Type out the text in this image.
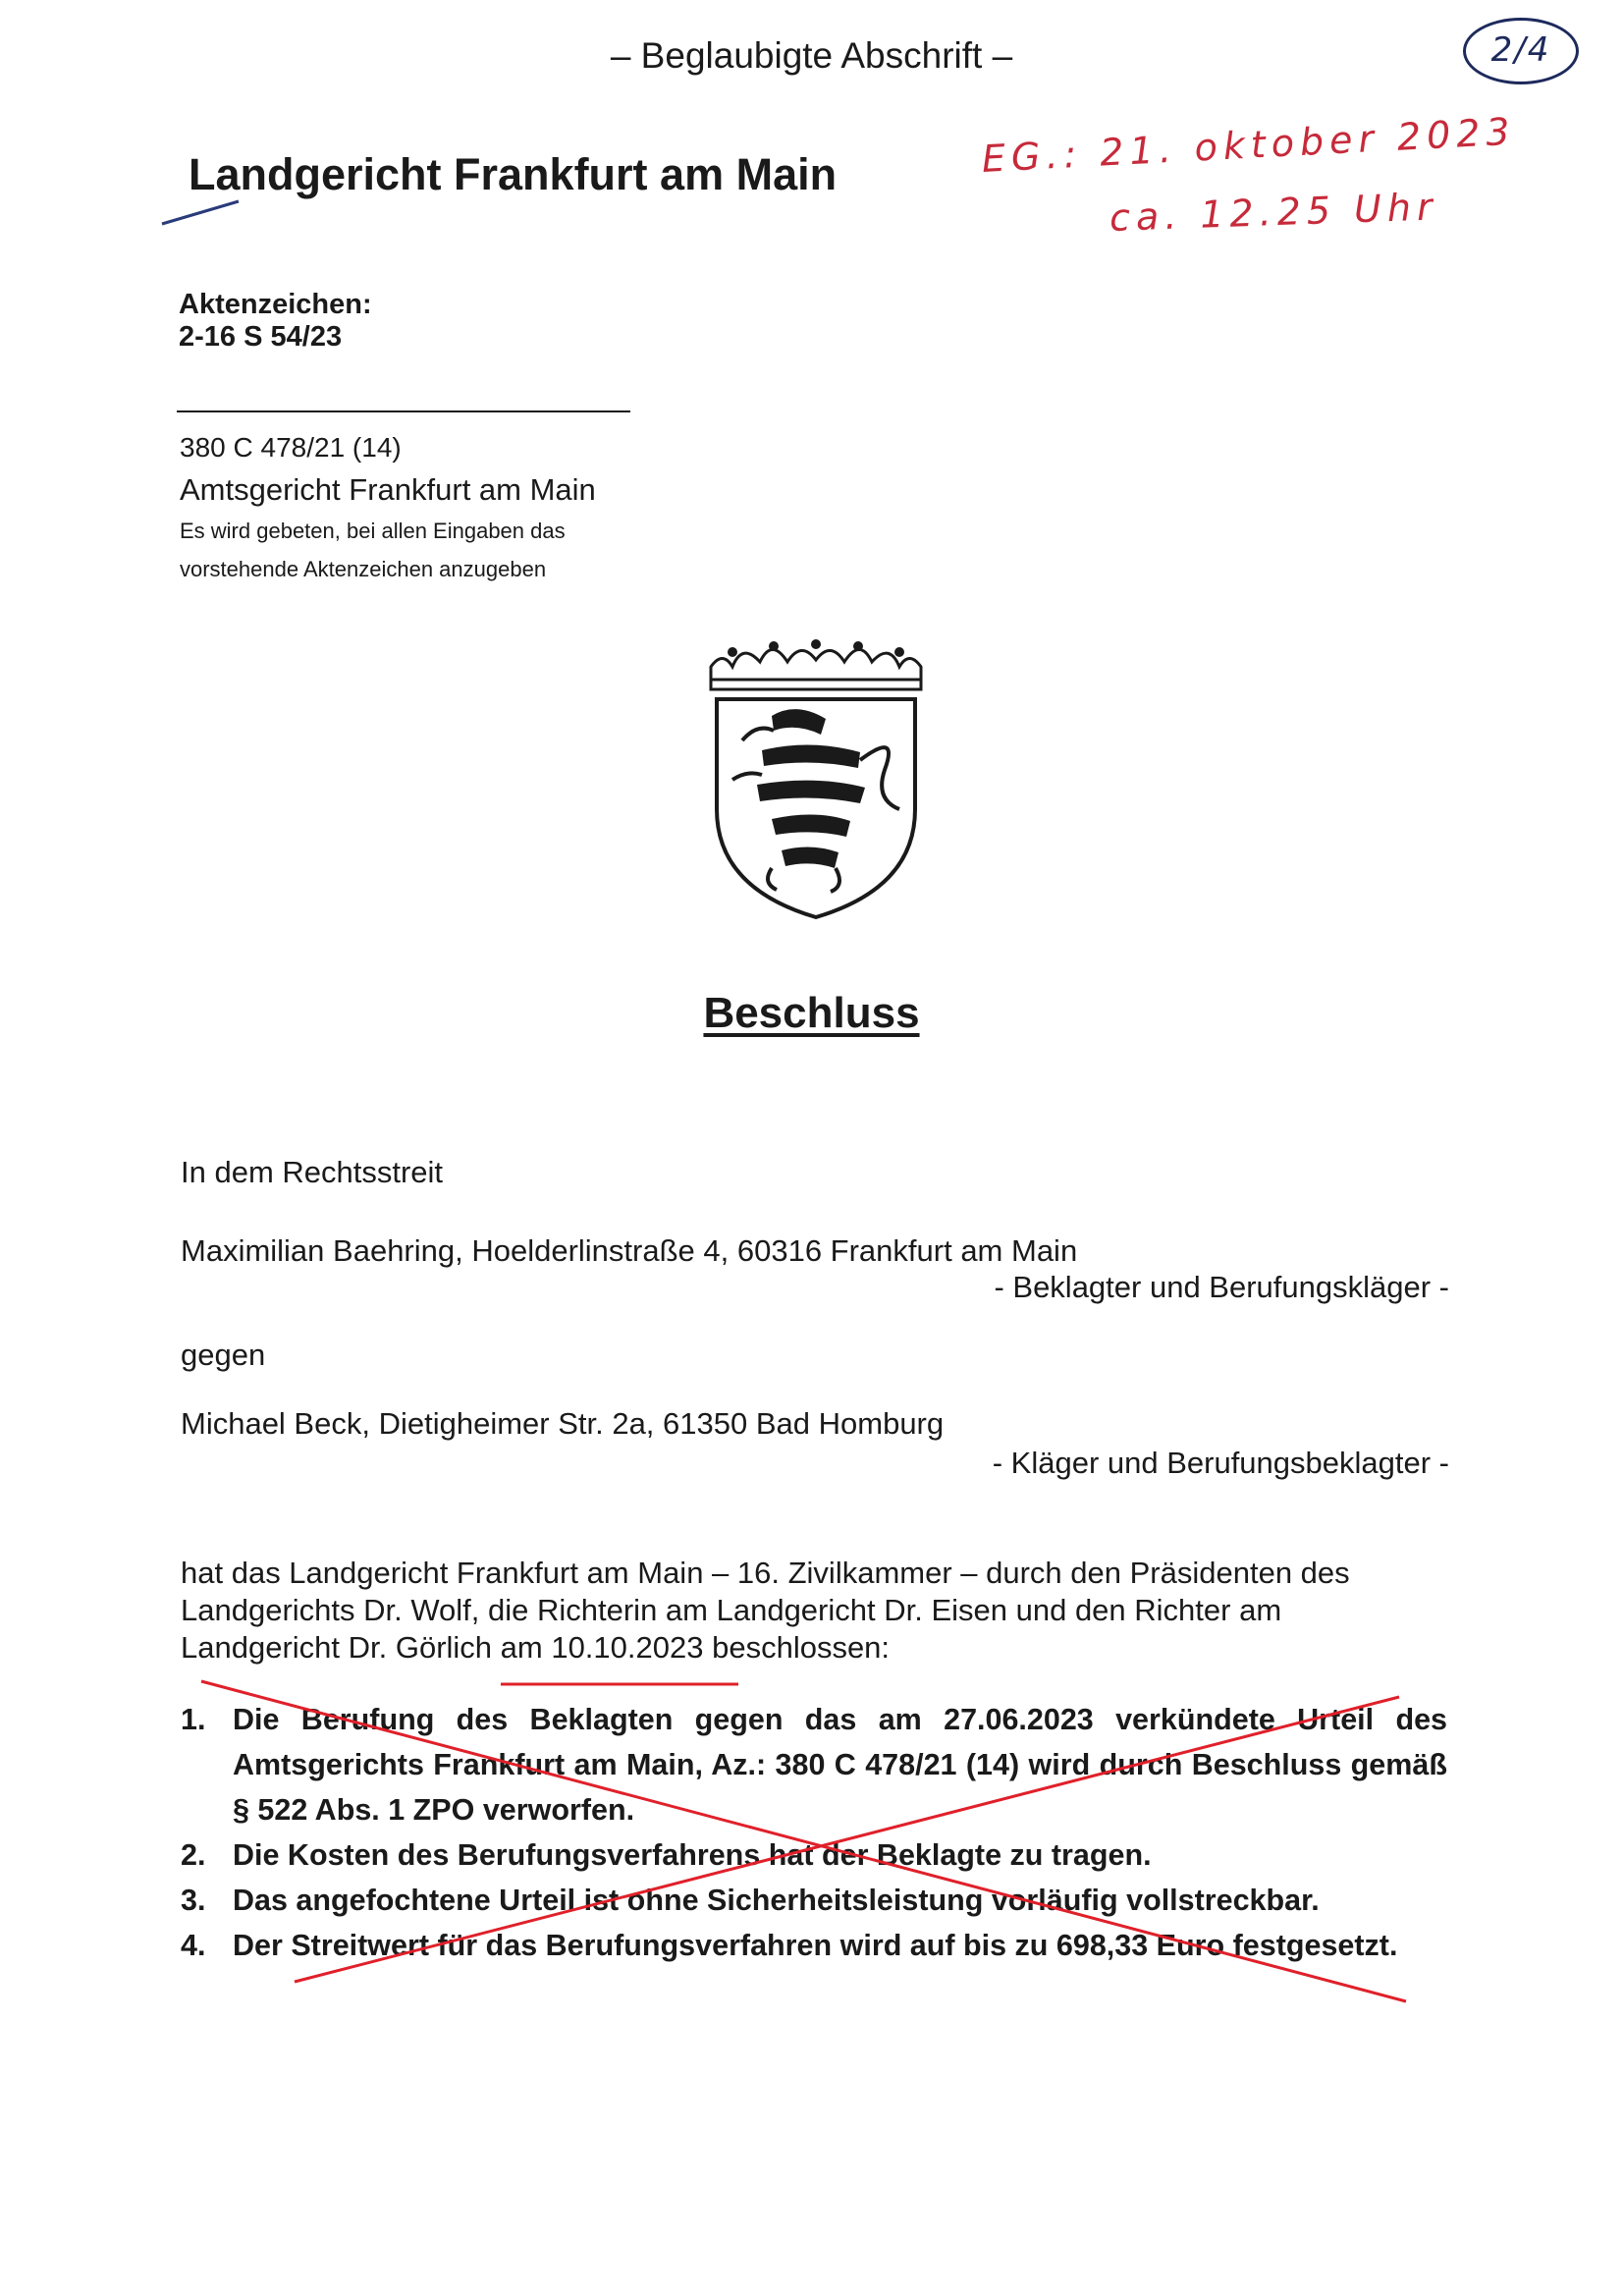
– Beglaubigte Abschrift –	2/4
EG.: 21. oktober 2023
ca. 12.25 Uhr
Landgericht Frankfurt am Main
Aktenzeichen:
2-16 S 54/23
380 C 478/21 (14)
Amtsgericht Frankfurt am Main
Es wird gebeten, bei allen Eingaben das
vorstehende Aktenzeichen anzugeben
Beschluss
In dem Rechtsstreit
Maximilian Baehring, Hoelderlinstraße 4, 60316 Frankfurt am Main
- Beklagter und Berufungskläger -
gegen
Michael Beck, Dietigheimer Str. 2a, 61350 Bad Homburg
- Kläger und Berufungsbeklagter -
hat das Landgericht Frankfurt am Main – 16. Zivilkammer – durch den Präsidenten des
Landgerichts Dr. Wolf, die Richterin am Landgericht Dr. Eisen und den Richter am
Landgericht Dr. Görlich am 10.10.2023 beschlossen:
1. Die Berufung des Beklagten gegen das am 27.06.2023 verkündete Urteil des
Amtsgerichts Frankfurt am Main, Az.: 380 C 478/21 (14) wird durch Beschluss gemäß
§ 522 Abs. 1 ZPO verworfen.
2. Die Kosten des Berufungsverfahrens hat der Beklagte zu tragen.
3. Das angefochtene Urteil ist ohne Sicherheitsleistung vorläufig vollstreckbar.
4. Der Streitwert für das Berufungsverfahren wird auf bis zu 698,33 Euro festgesetzt.
